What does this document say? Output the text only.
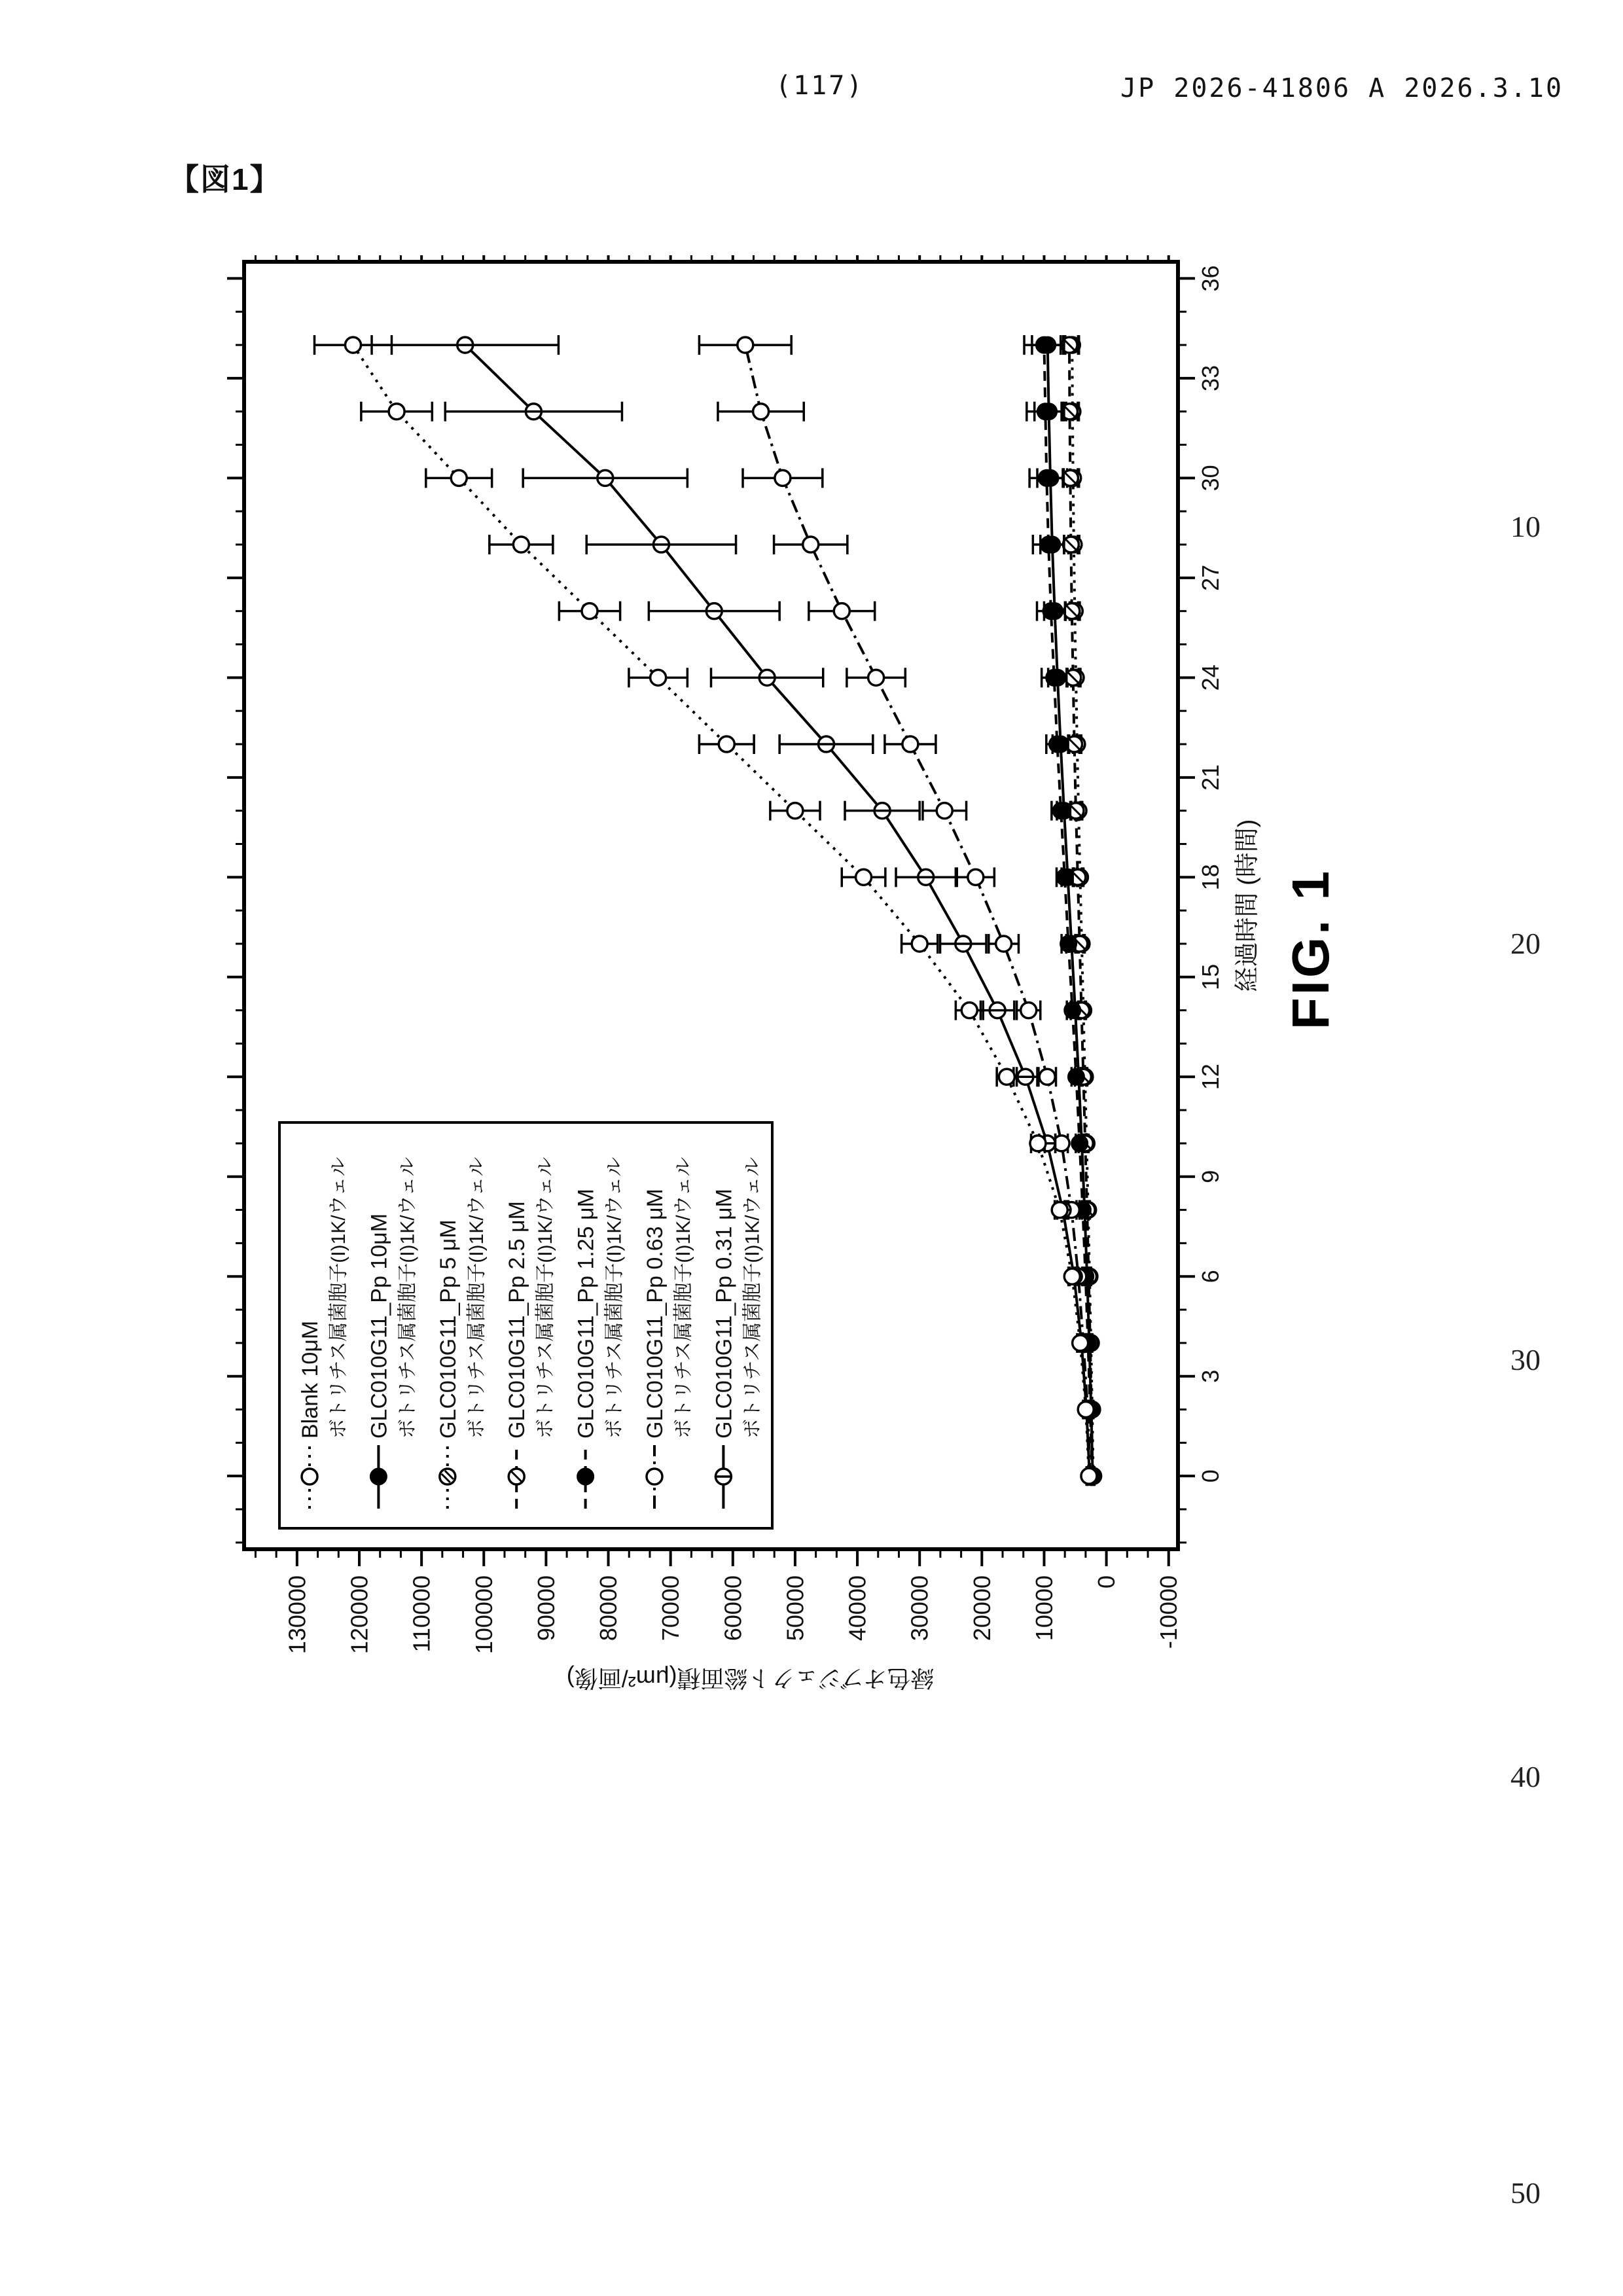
(117)	JP 2026-41806 A 2026.3.10
【図1】
-10000
0
10000
20000
30000
40000
50000
60000
70000
80000
90000
100000
110000
120000
130000
0
3
6
9
12
15
18
21
24
27
30
33
36
経過時間 (時間)
緑色オブジェクト総面積(μm²/画像)
FIG. 1
Blank 10μM ボトリチス属菌胞子(I)1K/ウェル GLC010G11_Pp 10μM ボトリチス属菌胞子(I)1K/ウェル GLC010G11_Pp 5 μM ボトリチス属菌胞子(I)1K/ウェル GLC010G11_Pp 2.5 μM ボトリチス属菌胞子(I)1K/ウェル GLC010G11_Pp 1.25 μM ボトリチス属菌胞子(I)1K/ウェル GLC010G11_Pp 0.63 μM ボトリチス属菌胞子(I)1K/ウェル GLC010G11_Pp 0.31 μM ボトリチス属菌胞子(I)1K/ウェル
10
20
30
40
50
